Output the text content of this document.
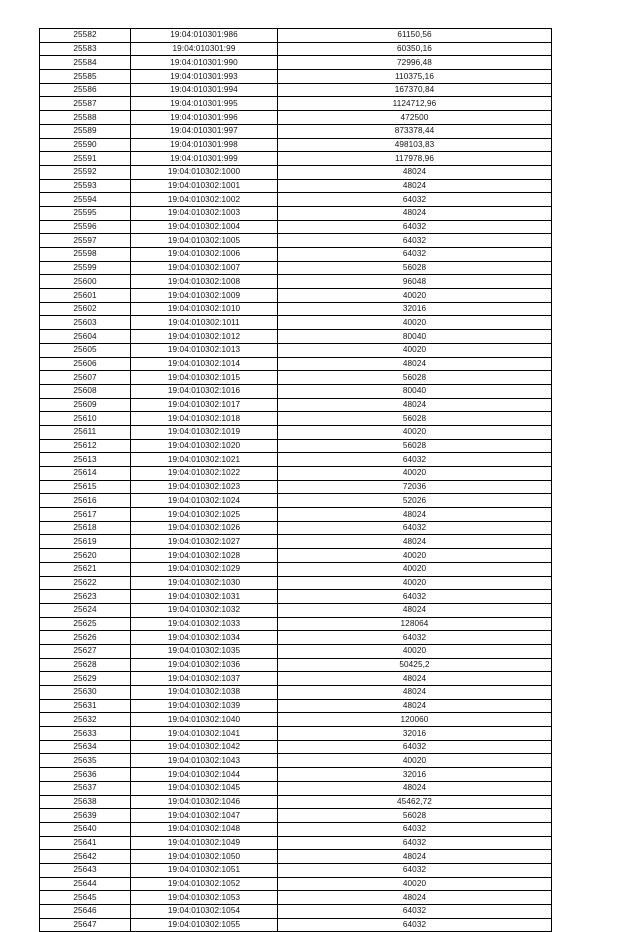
25582	19:04:010301:986	61150,56
25583	19:04:010301:99	60350,16
25584	19:04:010301:990	72996,48
25585	19:04:010301:993	110375,16
25586	19:04:010301:994	167370,84
25587	19:04:010301:995	1124712,96
25588	19:04:010301:996	472500
25589	19:04:010301:997	873378,44
25590	19:04:010301:998	498103,83
25591	19:04:010301:999	117978,96
25592	19:04:010302:1000	48024
25593	19:04:010302:1001	48024
25594	19:04:010302:1002	64032
25595	19:04:010302:1003	48024
25596	19:04:010302:1004	64032
25597	19:04:010302:1005	64032
25598	19:04:010302:1006	64032
25599	19:04:010302:1007	56028
25600	19:04:010302:1008	96048
25601	19:04:010302:1009	40020
25602	19:04:010302:1010	32016
25603	19:04:010302:1011	40020
25604	19:04:010302:1012	80040
25605	19:04:010302:1013	40020
25606	19:04:010302:1014	48024
25607	19:04:010302:1015	56028
25608	19:04:010302:1016	80040
25609	19:04:010302:1017	48024
25610	19:04:010302:1018	56028
25611	19:04:010302:1019	40020
25612	19:04:010302:1020	56028
25613	19:04:010302:1021	64032
25614	19:04:010302:1022	40020
25615	19:04:010302:1023	72036
25616	19:04:010302:1024	52026
25617	19:04:010302:1025	48024
25618	19:04:010302:1026	64032
25619	19:04:010302:1027	48024
25620	19:04:010302:1028	40020
25621	19:04:010302:1029	40020
25622	19:04:010302:1030	40020
25623	19:04:010302:1031	64032
25624	19:04:010302:1032	48024
25625	19:04:010302:1033	128064
25626	19:04:010302:1034	64032
25627	19:04:010302:1035	40020
25628	19:04:010302:1036	50425,2
25629	19:04:010302:1037	48024
25630	19:04:010302:1038	48024
25631	19:04:010302:1039	48024
25632	19:04:010302:1040	120060
25633	19:04:010302:1041	32016
25634	19:04:010302:1042	64032
25635	19:04:010302:1043	40020
25636	19:04:010302:1044	32016
25637	19:04:010302:1045	48024
25638	19:04:010302:1046	45462,72
25639	19:04:010302:1047	56028
25640	19:04:010302:1048	64032
25641	19:04:010302:1049	64032
25642	19:04:010302:1050	48024
25643	19:04:010302:1051	64032
25644	19:04:010302:1052	40020
25645	19:04:010302:1053	48024
25646	19:04:010302:1054	64032
25647	19:04:010302:1055	64032
